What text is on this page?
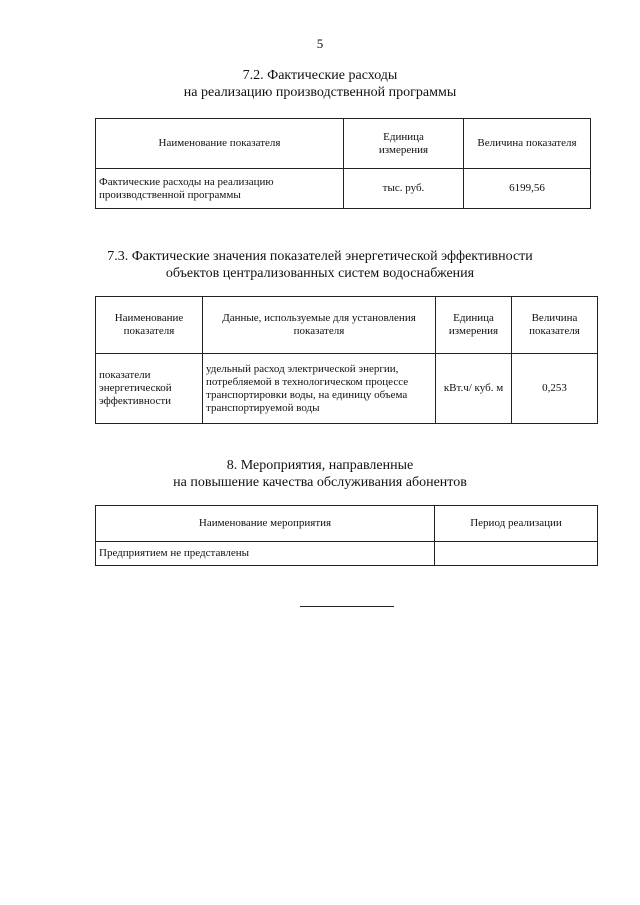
5
7.2. Фактические расходы
на реализацию производственной программы
Наименование показателя	Единица измерения	Величина показателя
Фактические расходы на реализацию производственной программы	тыс. руб.	6199,56
7.3. Фактические значения показателей энергетической эффективности
объектов централизованных систем водоснабжения
Наименование показателя	Данные, используемые для установления показателя	Единица измерения	Величина показателя
показатели энергетической эффективности	удельный расход электрической энергии, потребляемой в технологическом процессе транспортировки воды, на единицу объема транспортируемой воды	кВт.ч/ куб. м	0,253
8. Мероприятия, направленные
на повышение качества обслуживания абонентов
Наименование мероприятия	Период реализации
Предприятием не представлены	
